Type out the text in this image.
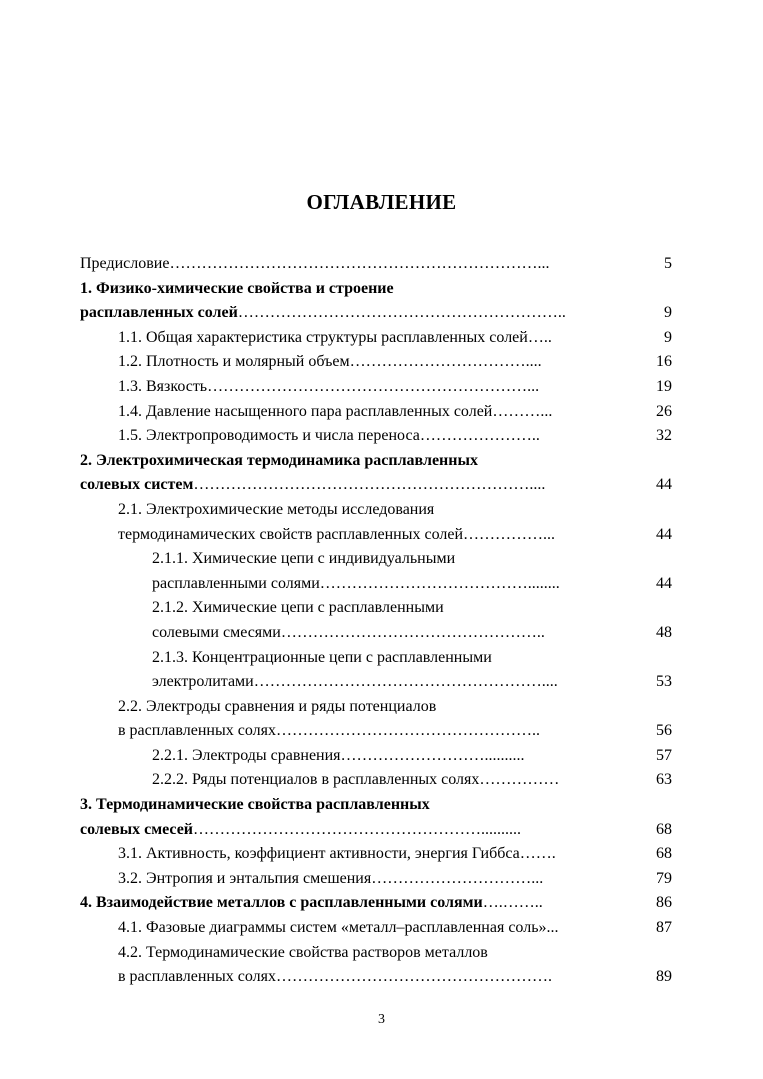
ОГЛАВЛЕНИЕ
Предисловие……………………………………………………………...	5
1. Физико-химические свойства и строение
расплавленных солей……………………………………………………..	9
1.1. Общая характеристика структуры расплавленных солей…..	9
1.2. Плотность и молярный объем……………………………....	16
1.3. Вязкость……………………………………………………...	19
1.4. Давление насыщенного пара расплавленных солей………...	26
1.5. Электропроводимость и числа переноса…………………..	32
2. Электрохимическая термодинамика расплавленных
солевых систем………………………………………………………....	44
2.1. Электрохимические методы исследования
термодинамических свойств расплавленных солей……………...	44
2.1.1. Химические цепи с индивидуальными
расплавленными солями…………………………………........	44
2.1.2. Химические цепи с расплавленными
солевыми смесями…………………………………………..	48
2.1.3. Концентрационные цепи с расплавленными
электролитами………………………………………………....	53
2.2. Электроды сравнения и ряды потенциалов
в расплавленных солях…………………………………………..	56
2.2.1. Электроды сравнения………………………..........	57
2.2.2. Ряды потенциалов в расплавленных солях……………	63
3. Термодинамические свойства расплавленных
солевых смесей………………………………………………..........	68
3.1. Активность, коэффициент активности, энергия Гиббса…….	68
3.2. Энтропия и энтальпия смешения…………………………...	79
4. Взаимодействие металлов с расплавленными солями….……..	86
4.1. Фазовые диаграммы систем «металл–расплавленная соль»...	87
4.2. Термодинамические свойства растворов металлов
в расплавленных солях…………………………………………….	89
3
